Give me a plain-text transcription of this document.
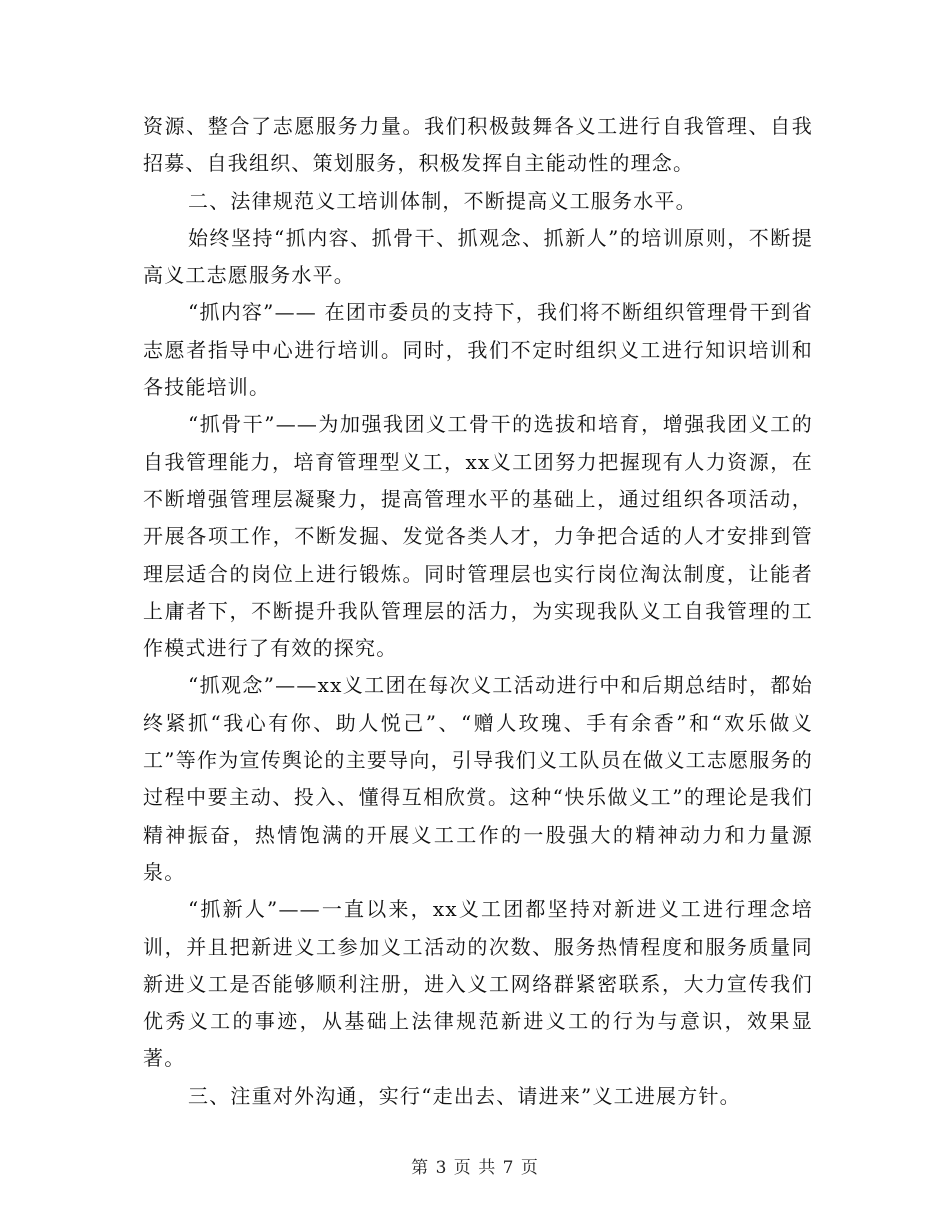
资源、整合了志愿服务力量。我们积极鼓舞各义工进行自我管理、自我招募、自我组织、策划服务，积极发挥自主能动性的理念。

二、法律规范义工培训体制，不断提高义工服务水平。

始终坚持“抓内容、抓骨干、抓观念、抓新人”的培训原则，不断提高义工志愿服务水平。

“抓内容”—— 在团市委员的支持下，我们将不断组织管理骨干到省志愿者指导中心进行培训。同时，我们不定时组织义工进行知识培训和各技能培训。

“抓骨干”——为加强我团义工骨干的选拔和培育，增强我团义工的自我管理能力，培育管理型义工，xx义工团努力把握现有人力资源，在不断增强管理层凝聚力，提高管理水平的基础上，通过组织各项活动，开展各项工作，不断发掘、发觉各类人才，力争把合适的人才安排到管理层适合的岗位上进行锻炼。同时管理层也实行岗位淘汰制度，让能者上庸者下，不断提升我队管理层的活力，为实现我队义工自我管理的工作模式进行了有效的探究。

“抓观念”——xx义工团在每次义工活动进行中和后期总结时，都始终紧抓“我心有你、助人悦己”、“赠人玫瑰、手有余香”和“欢乐做义工”等作为宣传舆论的主要导向，引导我们义工队员在做义工志愿服务的过程中要主动、投入、懂得互相欣赏。这种“快乐做义工”的理论是我们精神振奋，热情饱满的开展义工工作的一股强大的精神动力和力量源泉。

“抓新人”——一直以来，xx义工团都坚持对新进义工进行理念培训，并且把新进义工参加义工活动的次数、服务热情程度和服务质量同新进义工是否能够顺利注册，进入义工网络群紧密联系，大力宣传我们优秀义工的事迹，从基础上法律规范新进义工的行为与意识，效果显著。

三、注重对外沟通，实行“走出去、请进来”义工进展方针。

第 3 页 共 7 页
